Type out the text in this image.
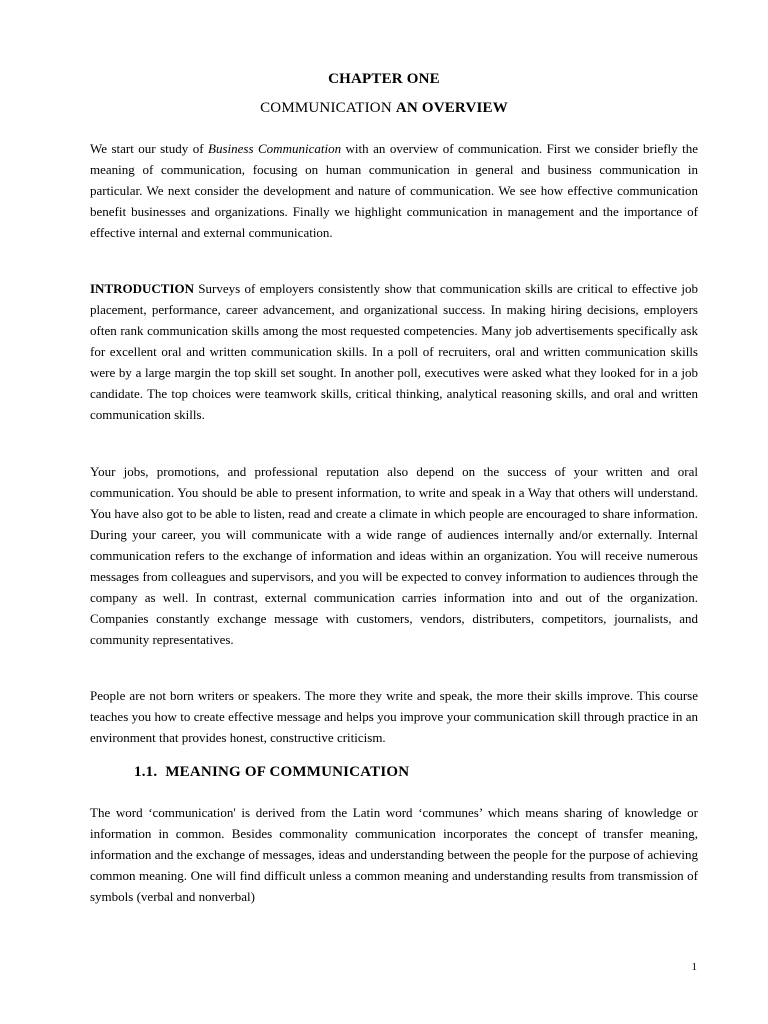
CHAPTER ONE
COMMUNICATION AN OVERVIEW

We start our study of Business Communication with an overview of communication. First we consider briefly the meaning of communication, focusing on human communication in general and business communication in particular. We next consider the development and nature of communication. We see how effective communication benefit businesses and organizations. Finally we highlight communication in management and the importance of effective internal and external communication.

INTRODUCTION Surveys of employers consistently show that communication skills are critical to effective job placement, performance, career advancement, and organizational success. In making hiring decisions, employers often rank communication skills among the most requested competencies. Many job advertisements specifically ask for excellent oral and written communication skills. In a poll of recruiters, oral and written communication skills were by a large margin the top skill set sought. In another poll, executives were asked what they looked for in a job candidate. The top choices were teamwork skills, critical thinking, analytical reasoning skills, and oral and written communication skills.

Your jobs, promotions, and professional reputation also depend on the success of your written and oral communication. You should be able to present information, to write and speak in a Way that others will understand. You have also got to be able to listen, read and create a climate in which people are encouraged to share information. During your career, you will communicate with a wide range of audiences internally and/or externally. Internal communication refers to the exchange of information and ideas within an organization. You will receive numerous messages from colleagues and supervisors, and you will be expected to convey information to audiences through the company as well. In contrast, external communication carries information into and out of the organization. Companies constantly exchange message with customers, vendors, distributers, competitors, journalists, and community representatives.

People are not born writers or speakers. The more they write and speak, the more their skills improve. This course teaches you how to create effective message and helps you improve your communication skill through practice in an environment that provides honest, constructive criticism.

1.1. MEANING OF COMMUNICATION

The word ‘communication' is derived from the Latin word ‘communes’ which means sharing of knowledge or information in common. Besides commonality communication incorporates the concept of transfer meaning, information and the exchange of messages, ideas and understanding between the people for the purpose of achieving common meaning. One will find difficult unless a common meaning and understanding results from transmission of symbols (verbal and nonverbal)

1
